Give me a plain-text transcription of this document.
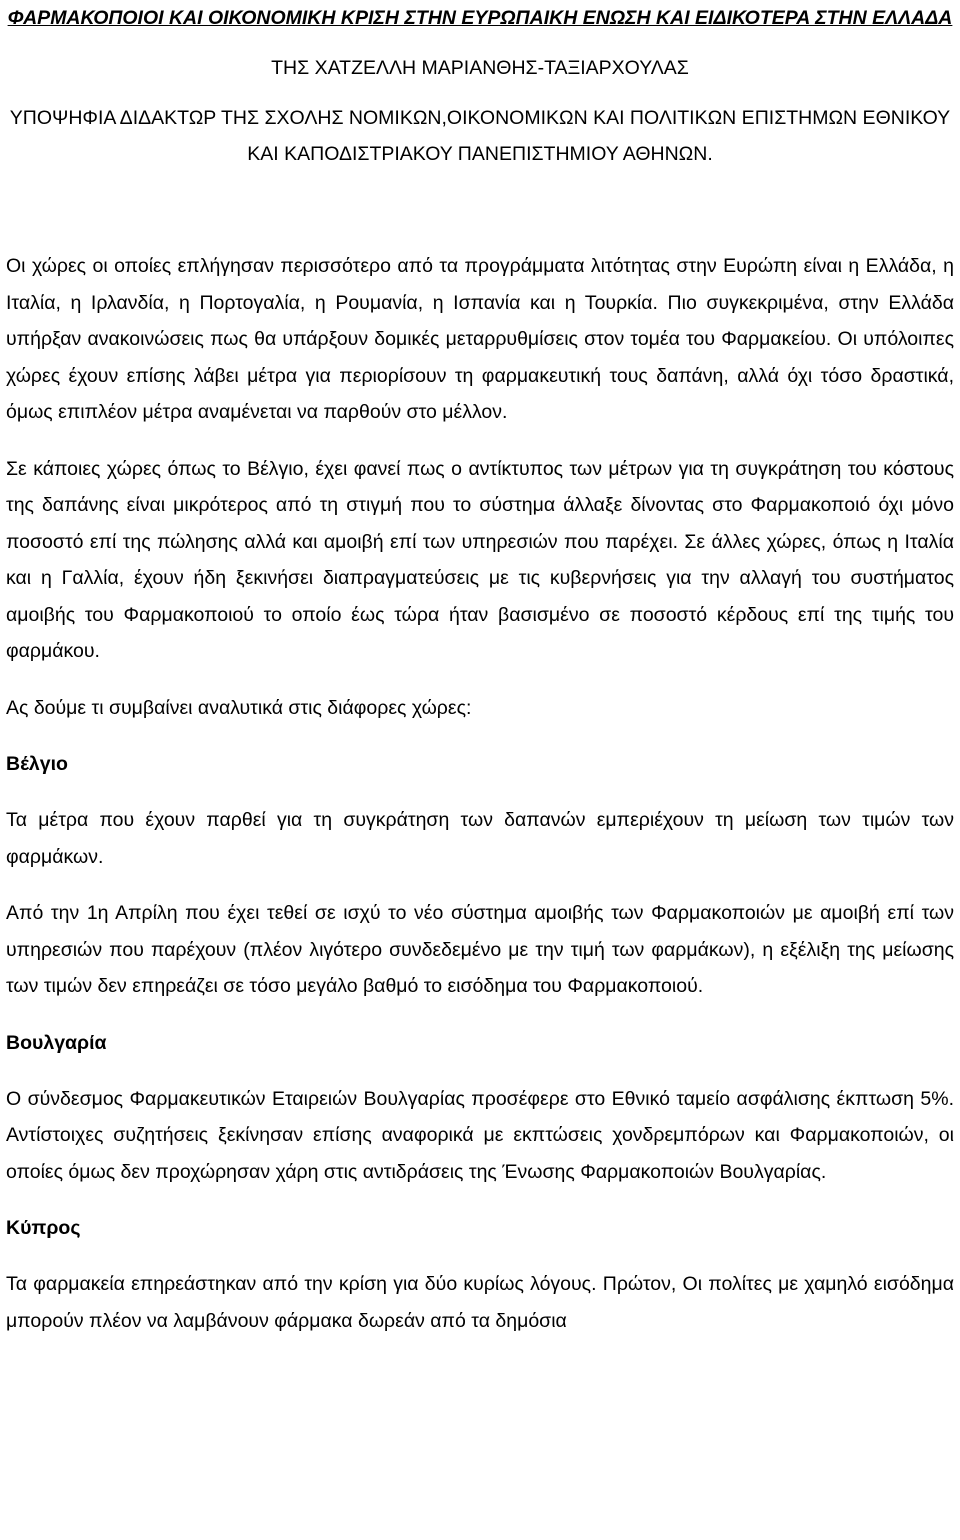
ΦΑΡΜΑΚΟΠΟΙΟΙ ΚΑΙ ΟΙΚΟΝΟΜΙΚΗ ΚΡΙΣΗ ΣΤΗΝ ΕΥΡΩΠΑΙΚΗ ΕΝΩΣΗ ΚΑΙ ΕΙΔΙΚΟΤΕΡΑ ΣΤΗΝ ΕΛΛΑΔΑ
ΤΗΣ ΧΑΤΖΕΛΛΗ ΜΑΡΙΑΝΘΗΣ-ΤΑΞΙΑΡΧΟΥΛΑΣ
ΥΠΟΨΗΦΙΑ ΔΙΔΑΚΤΩΡ ΤΗΣ ΣΧΟΛΗΣ ΝΟΜΙΚΩΝ,ΟΙΚΟΝΟΜΙΚΩΝ ΚΑΙ ΠΟΛΙΤΙΚΩΝ ΕΠΙΣΤΗΜΩΝ ΕΘΝΙΚΟΥ ΚΑΙ ΚΑΠΟΔΙΣΤΡΙΑΚΟΥ ΠΑΝΕΠΙΣΤΗΜΙΟΥ ΑΘΗΝΩΝ.

Οι χώρες οι οποίες επλήγησαν περισσότερο από τα προγράμματα λιτότητας στην Ευρώπη είναι η Ελλάδα, η Ιταλία, η Ιρλανδία, η Πορτογαλία, η Ρουμανία, η Ισπανία και η Τουρκία. Πιο συγκεκριμένα, στην Ελλάδα υπήρξαν ανακοινώσεις πως θα υπάρξουν δομικές μεταρρυθμίσεις στον τομέα του Φαρμακείου. Οι υπόλοιπες χώρες έχουν επίσης λάβει μέτρα για περιορίσουν τη φαρμακευτική τους δαπάνη, αλλά όχι τόσο δραστικά, όμως επιπλέον μέτρα αναμένεται να παρθούν στο μέλλον.

Σε κάποιες χώρες όπως το Βέλγιο, έχει φανεί πως ο αντίκτυπος των μέτρων για τη συγκράτηση του κόστους της δαπάνης είναι μικρότερος από τη στιγμή που το σύστημα άλλαξε δίνοντας στο Φαρμακοποιό όχι μόνο ποσοστό επί της πώλησης αλλά και αμοιβή επί των υπηρεσιών που παρέχει. Σε άλλες χώρες, όπως η Ιταλία και η Γαλλία, έχουν ήδη ξεκινήσει διαπραγματεύσεις με τις κυβερνήσεις για την αλλαγή του συστήματος αμοιβής του Φαρμακοποιού το οποίο έως τώρα ήταν βασισμένο σε ποσοστό κέρδους επί της τιμής του φαρμάκου.

Ας δούμε τι συμβαίνει αναλυτικά στις διάφορες χώρες:

Βέλγιο

Τα μέτρα που έχουν παρθεί για τη συγκράτηση των δαπανών εμπεριέχουν τη μείωση των τιμών των φαρμάκων.

Από την 1η Απρίλη που έχει τεθεί σε ισχύ το νέο σύστημα αμοιβής των Φαρμακοποιών με αμοιβή επί των υπηρεσιών που παρέχουν (πλέον λιγότερο συνδεδεμένο με την τιμή των φαρμάκων), η εξέλιξη της μείωσης των τιμών δεν επηρεάζει σε τόσο μεγάλο βαθμό το εισόδημα του Φαρμακοποιού.

Βουλγαρία

Ο σύνδεσμος Φαρμακευτικών Εταιρειών Βουλγαρίας προσέφερε στο Εθνικό ταμείο ασφάλισης έκπτωση 5%. Αντίστοιχες συζητήσεις ξεκίνησαν επίσης αναφορικά με εκπτώσεις χονδρεμπόρων και Φαρμακοποιών, οι οποίες όμως δεν προχώρησαν χάρη στις αντιδράσεις της Ένωσης Φαρμακοποιών Βουλγαρίας.

Κύπρος

Τα φαρμακεία επηρεάστηκαν από την κρίση για δύο κυρίως λόγους. Πρώτον, Οι πολίτες με χαμηλό εισόδημα μπορούν πλέον να λαμβάνουν φάρμακα δωρεάν από τα δημόσια
